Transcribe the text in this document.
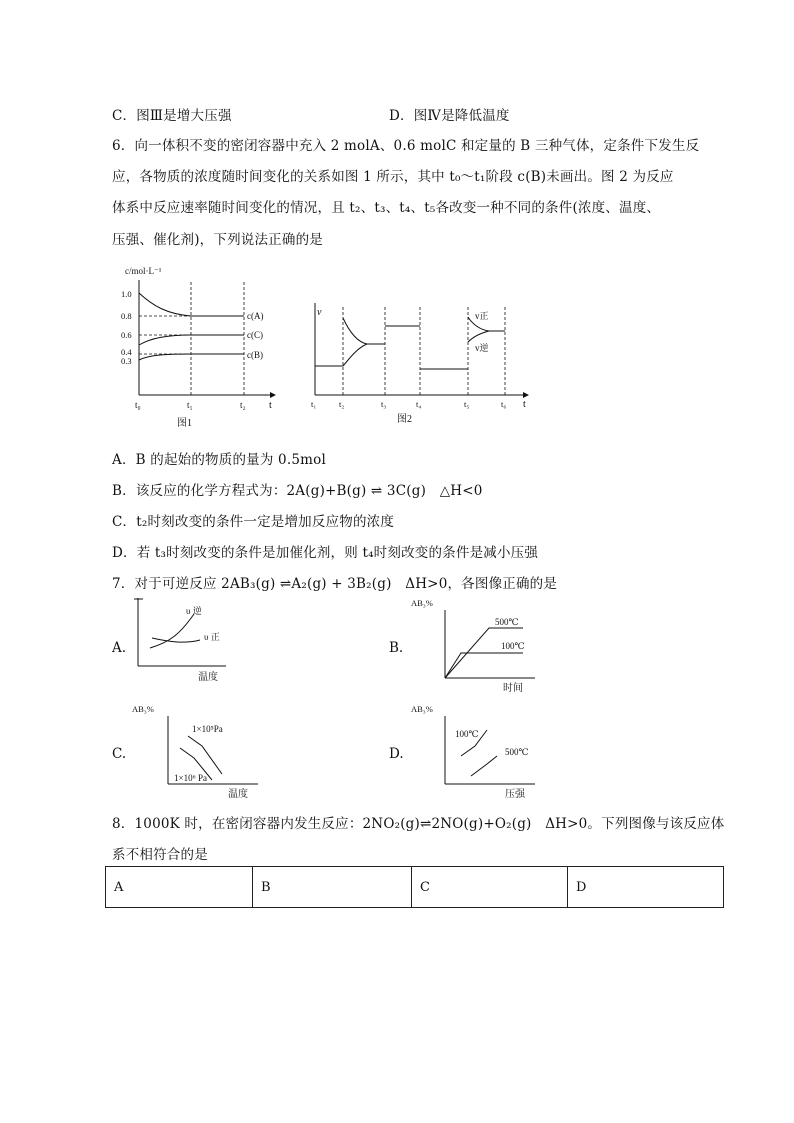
C．图Ⅲ是增大压强	D．图Ⅳ是降低温度
6．向一体积不变的密闭容器中充入 2 molA、0.6 molC 和定量的 B 三种气体，定条件下发生反
应，各物质的浓度随时间变化的关系如图 1 所示，其中 t₀～t₁阶段 c(B)未画出。图 2 为反应
体系中反应速率随时间变化的情况，且 t₂、t₃、t₄、t₅各改变一种不同的条件(浓度、温度、
压强、催化剂)，下列说法正确的是
c/mol·L⁻¹
1.0
0.8
0.6
0.4
0.3
c(A)
c(C)
c(B)
t₀	t₁	t₂ t
图1
v	v正
v逆
t₁	t₂	t₃	t₄	t₅	t₆ t
图2
A．B 的起始的物质的量为 0.5mol
B．该反应的化学方程式为：2A(g)+B(g) ⇌ 3C(g)　△H<0
C．t₂时刻改变的条件一定是增加反应物的浓度
D．若 t₃时刻改变的条件是加催化剂，则 t₄时刻改变的条件是减小压强
7．对于可逆反应 2AB₃(g) ⇌A₂(g) + 3B₂(g)　ΔH>0，各图像正确的是
A.
υ 逆
υ 正
温度
B.
AB₃%
500℃
100℃
时间
C.
AB₃%
1×10⁵Pa
1×10⁶ Pa
温度
D.
AB₃%
100℃
500℃
压强
8．1000K 时，在密闭容器内发生反应：2NO₂(g)⇌2NO(g)+O₂(g)　ΔH>0。下列图像与该反应体
系不相符合的是
A	B	C	D
